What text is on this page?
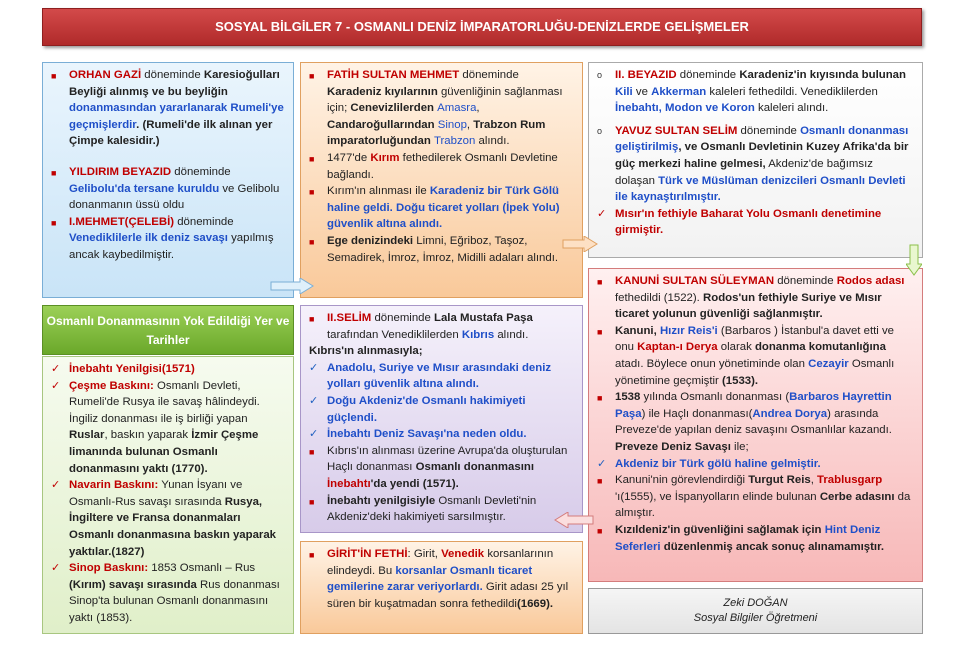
SOSYAL BİLGİLER 7 - OSMANLI DENİZ İMPARATORLUĞU-DENİZLERDE GELİŞMELER
■ ORHAN GAZİ döneminde Karesioğulları Beyliği alınmış ve bu beyliğin donanmasından yararlanarak Rumeli'ye geçmişlerdir. (Rumeli'de ilk alınan yer Çimpe kalesidir.)
■ YILDIRIM BEYAZID döneminde Gelibolu'da tersane kuruldu ve Gelibolu donanmanın üssü oldu
■ I.MEHMET(ÇELEBİ) döneminde Venediklilerle ilk deniz savaşı yapılmış ancak kaybedilmiştir.
■ FATİH SULTAN MEHMET döneminde Karadeniz kıyılarının güvenliğinin sağlanması için; Cenevizlilerden Amasra, Candaroğullarından Sinop, Trabzon Rum imparatorluğundan Trabzon alındı.
■ 1477'de Kırım fethedilerek Osmanlı Devletine bağlandı.
■ Kırım'ın alınması ile Karadeniz bir Türk Gölü haline geldi. Doğu ticaret yolları (İpek Yolu) güvenlik altına alındı.
■ Ege denizindeki Limni, Eğriboz, Taşoz, Semadirek, İmroz, İmroz, Midilli adaları alındı.
o II. BEYAZID döneminde Karadeniz'in kıyısında bulunan Kili ve Akkerman kaleleri fethedildi. Venediklilerden İnebahtı, Modon ve Koron kaleleri alındı.
o YAVUZ SULTAN SELİM döneminde Osmanlı donanması geliştirilmiş, ve Osmanlı Devletinin Kuzey Afrika'da bir güç merkezi haline gelmesi, Akdeniz'de bağımsız dolaşan Türk ve Müslüman denizcileri Osmanlı Devleti ile kaynaştırılmıştır.
✓ Mısır'ın fethiyle Baharat Yolu Osmanlı denetimine girmiştir.
■ KANUNİ SULTAN SÜLEYMAN döneminde Rodos adası fethedildi (1522). Rodos'un fethiyle Suriye ve Mısır ticaret yolunun güvenliği sağlanmıştır.
■ Kanuni, Hızır Reis'i (Barbaros ) İstanbul'a davet etti ve onu Kaptan-ı Derya olarak donanma komutanlığına atadı. Böylece onun yönetiminde olan Cezayir Osmanlı yönetimine geçmiştir (1533).
■ 1538 yılında Osmanlı donanması (Barbaros Hayrettin Paşa) ile Haçlı donanması(Andrea Dorya) arasında Preveze'de yapılan deniz savaşını Osmanlılar kazandı. Preveze Deniz Savaşı ile;
✓ Akdeniz bir Türk gölü haline gelmiştir.
■ Kanuni'nin görevlendirdiği Turgut Reis, Trablusgarp 'ı(1555), ve İspanyolların elinde bulunan Cerbe adasını da almıştır.
■ Kızıldeniz'in güvenliğini sağlamak için Hint Deniz Seferleri düzenlenmiş ancak sonuç alınamamıştır.
Osmanlı Donanmasının Yok Edildiği Yer ve Tarihler
✓ İnebahtı Yenilgisi(1571)
✓ Çeşme Baskını: Osmanlı Devleti, Rumeli'de Rusya ile savaş hâlindeydi. İngiliz donanması ile iş birliği yapan Ruslar, baskın yaparak İzmir Çeşme limanında bulunan Osmanlı donanmasını yaktı (1770).
✓ Navarin Baskını: Yunan İsyanı ve Osmanlı-Rus savaşı sırasında Rusya, İngiltere ve Fransa donanmaları Osmanlı donanmasına baskın yaparak yaktılar.(1827)
✓ Sinop Baskını: 1853 Osmanlı – Rus (Kırım) savaşı sırasında Rus donanması Sinop'ta bulunan Osmanlı donanmasını yaktı (1853).
■ II.SELİM döneminde Lala Mustafa Paşa tarafından Venediklilerden Kıbrıs alındı.
Kıbrıs'ın alınmasıyla;
✓ Anadolu, Suriye ve Mısır arasındaki deniz yolları güvenlik altına alındı.
✓ Doğu Akdeniz'de Osmanlı hakimiyeti güçlendi.
✓ İnebahtı Deniz Savaşı'na neden oldu.
■ Kıbrıs'ın alınması üzerine Avrupa'da oluşturulan Haçlı donanması Osmanlı donanmasını İnebahtı'da yendi (1571).
■ İnebahtı yenilgisiyle Osmanlı Devleti'nin Akdeniz'deki hakimiyeti sarsılmıştır.
■ GİRİT'İN FETHİ: Girit, Venedik korsanlarının elindeydi. Bu korsanlar Osmanlı ticaret gemilerine zarar veriyorlardı. Girit adası 25 yıl süren bir kuşatmadan sonra fethedildi(1669).	Zeki DOĞAN
Sosyal Bilgiler Öğretmeni
